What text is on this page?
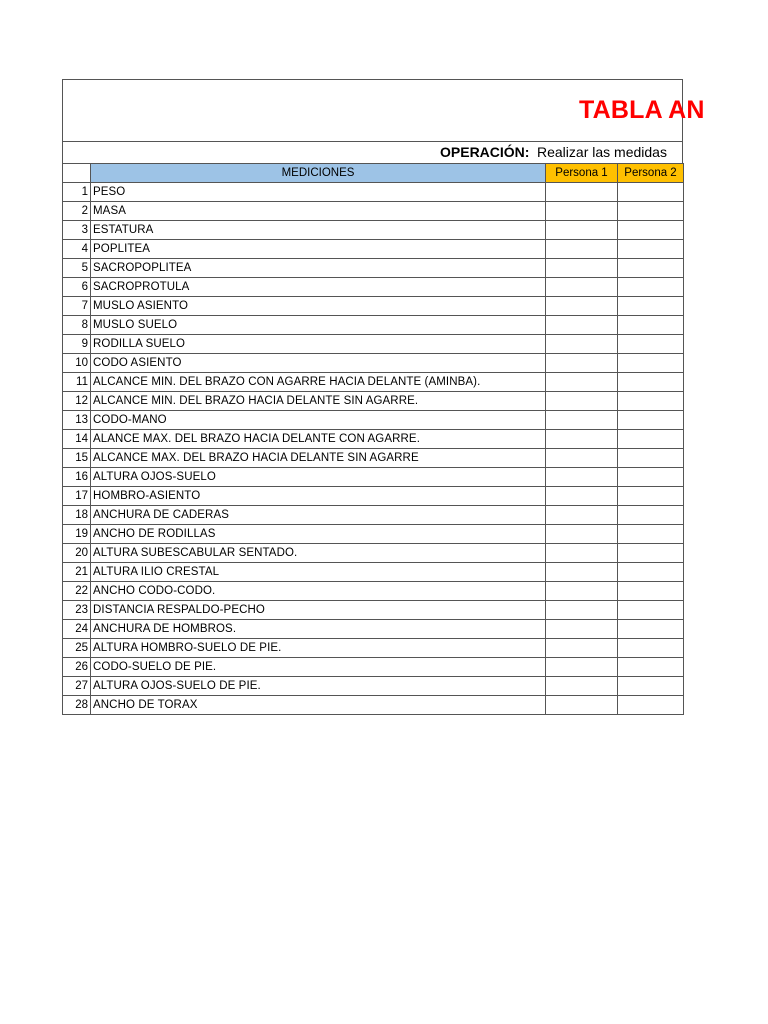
TABLA AN
OPERACIÓN: Realizar las medidas
	MEDICIONES	Persona 1	Persona 2
1	PESO		
2	MASA		
3	ESTATURA		
4	POPLITEA		
5	SACROPOPLITEA		
6	SACROPROTULA		
7	MUSLO ASIENTO		
8	MUSLO SUELO		
9	RODILLA SUELO		
10	CODO ASIENTO		
11	ALCANCE MIN. DEL BRAZO CON AGARRE HACIA DELANTE (AMINBA).		
12	ALCANCE MIN. DEL BRAZO HACIA DELANTE SIN AGARRE.		
13	CODO-MANO		
14	ALANCE MAX. DEL BRAZO HACIA DELANTE CON AGARRE.		
15	ALCANCE MAX. DEL BRAZO HACIA DELANTE SIN AGARRE		
16	ALTURA OJOS-SUELO		
17	HOMBRO-ASIENTO		
18	ANCHURA DE CADERAS		
19	ANCHO DE RODILLAS		
20	ALTURA SUBESCABULAR SENTADO.		
21	ALTURA ILIO CRESTAL		
22	ANCHO CODO-CODO.		
23	DISTANCIA RESPALDO-PECHO		
24	ANCHURA DE HOMBROS.		
25	ALTURA HOMBRO-SUELO DE PIE.		
26	CODO-SUELO DE PIE.		
27	ALTURA OJOS-SUELO DE PIE.		
28	ANCHO DE TORAX		
